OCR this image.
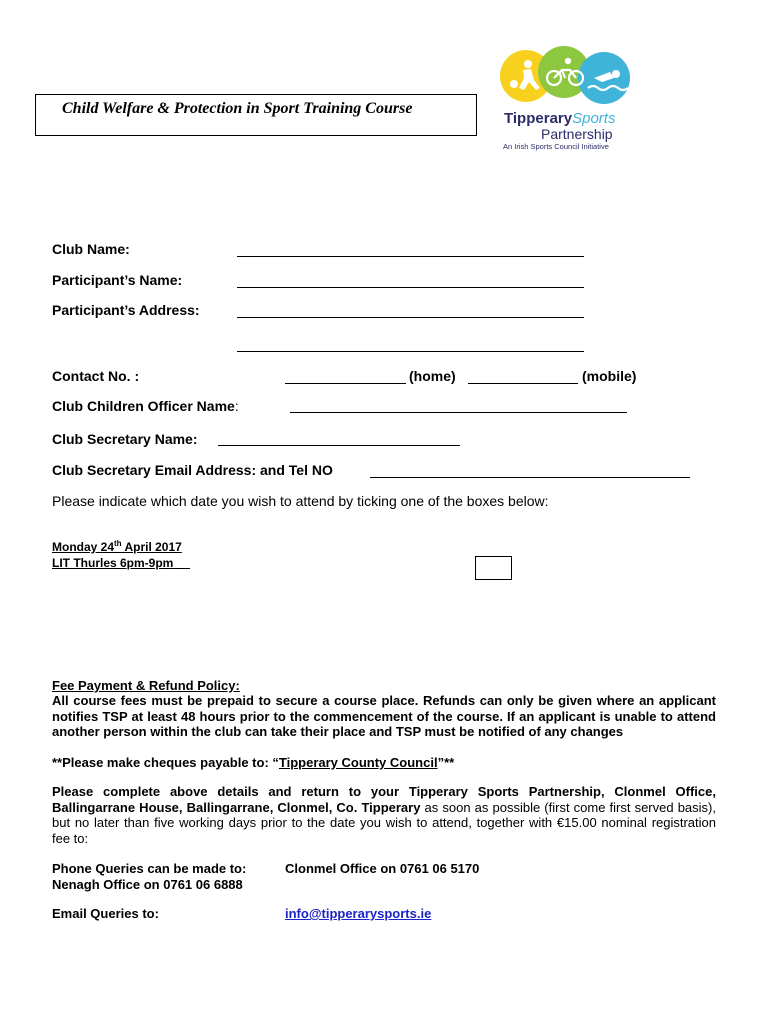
Child Welfare & Protection in Sport Training Course
TipperarySports
Partnership
An Irish Sports Council Initiative
Club Name:
Participant’s Name:
Participant’s Address:
Contact No. :	(home)	(mobile)
Club Children Officer Name:
Club Secretary Name:
Club Secretary Email Address: and Tel NO
Please indicate which date you wish to attend by ticking one of the boxes below:
Monday 24th April 2017
LIT Thurles 6pm-9pm
Fee Payment & Refund Policy:
All course fees must be prepaid to secure a course place. Refunds can only be given where an applicant notifies TSP at least 48 hours prior to the commencement of the course. If an applicant is unable to attend another person within the club can take their place and TSP must be notified of any changes
**Please make cheques payable to: “Tipperary County Council”**
Please complete above details and return to your Tipperary Sports Partnership, Clonmel Office, Ballingarrane House, Ballingarrane, Clonmel, Co. Tipperary as soon as possible (first come first served basis), but no later than five working days prior to the date you wish to attend, together with €15.00 nominal registration fee to:
Phone Queries can be made to:	Clonmel Office on 0761 06 5170
Nenagh Office on 0761 06 6888
Email Queries to:	info@tipperarysports.ie
